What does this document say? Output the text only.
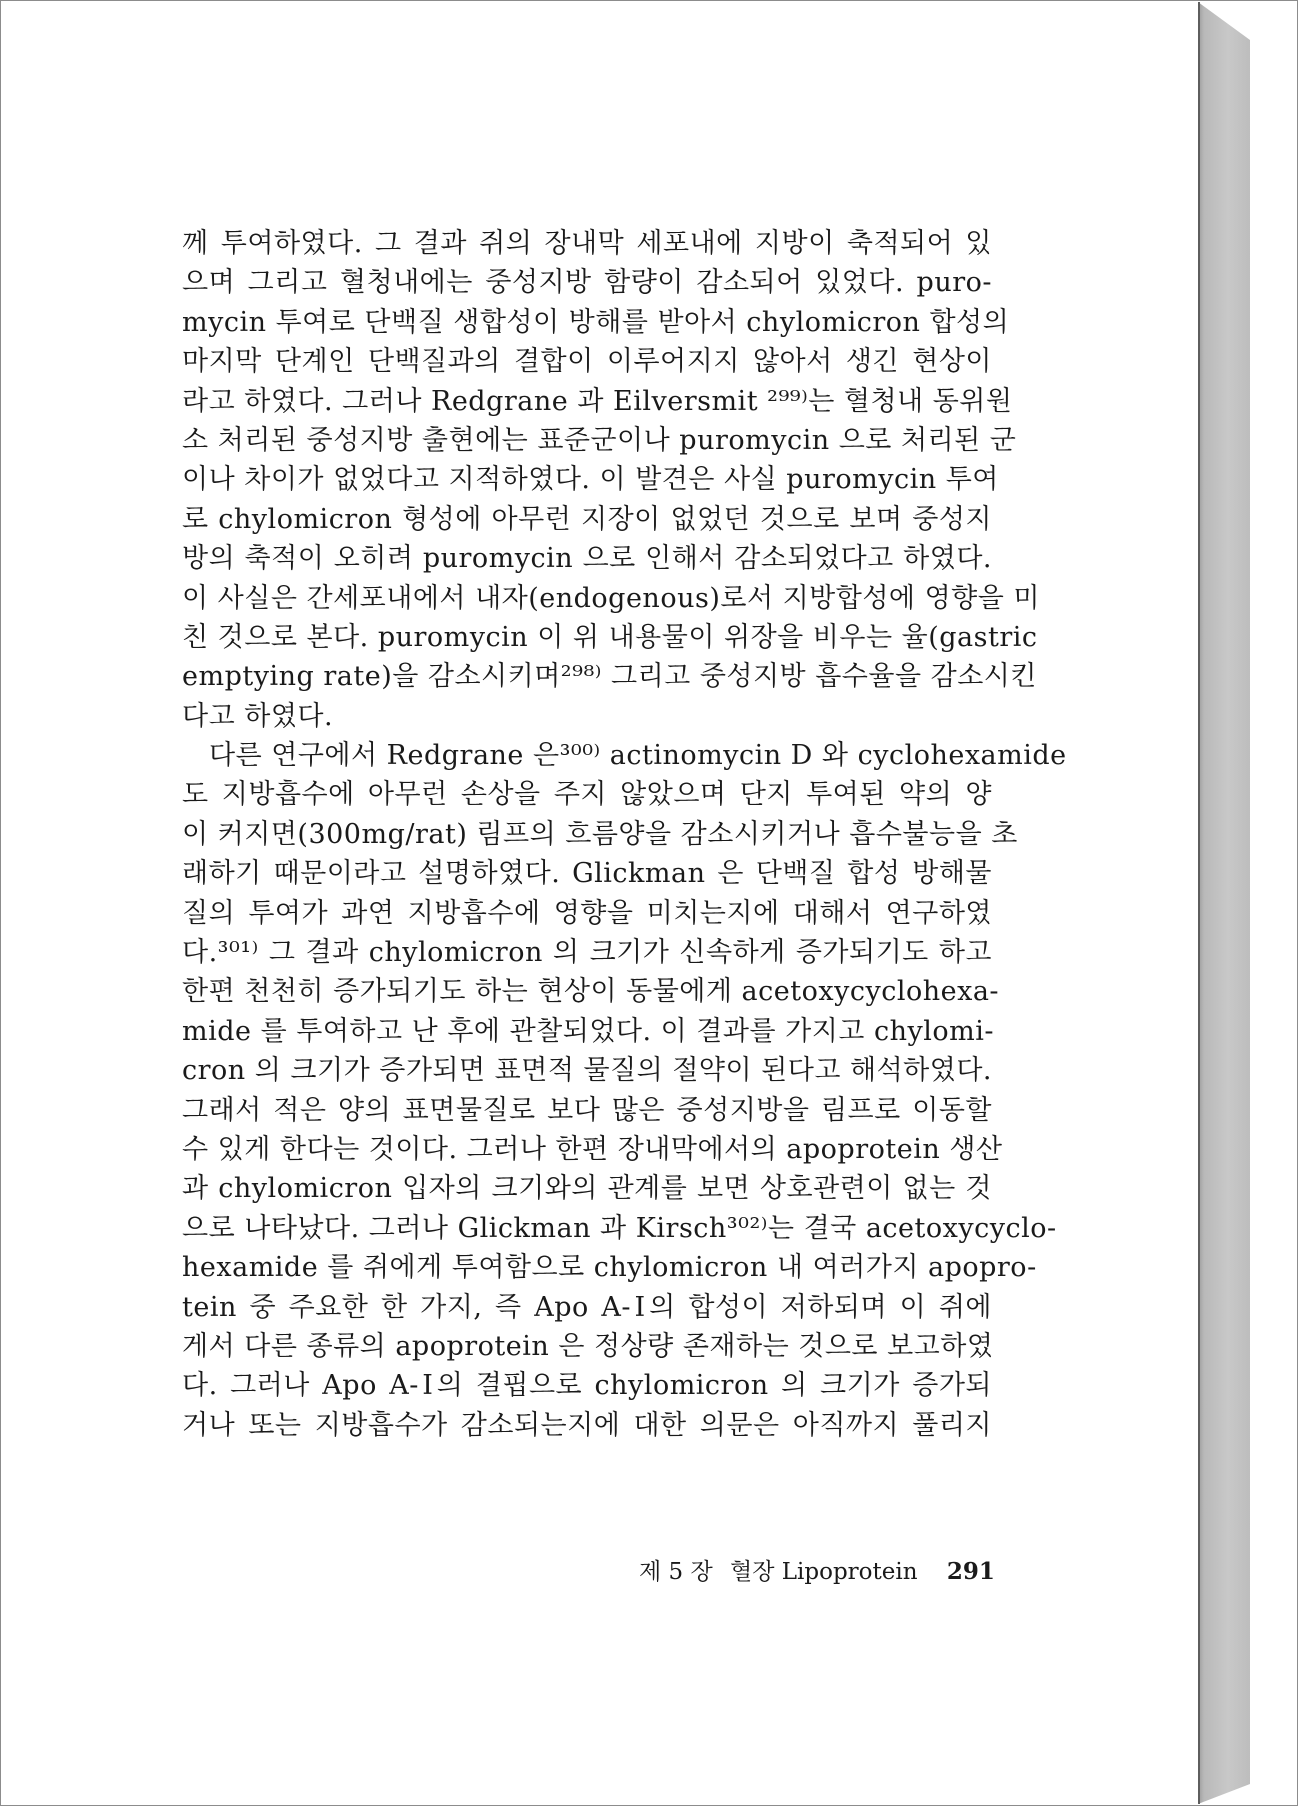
께 투여하였다. 그 결과 쥐의 장내막 세포내에 지방이 축적되어 있
으며 그리고 혈청내에는 중성지방 함량이 감소되어 있었다. puro-
mycin 투여로 단백질 생합성이 방해를 받아서 chylomicron 합성의
마지막 단계인 단백질과의 결합이 이루어지지 않아서 생긴 현상이
라고 하였다. 그러나 Redgrane 과 Eilversmit ²⁹⁹⁾는 혈청내 동위원
소 처리된 중성지방 출현에는 표준군이나 puromycin 으로 처리된 군
이나 차이가 없었다고 지적하였다. 이 발견은 사실 puromycin 투여
로 chylomicron 형성에 아무런 지장이 없었던 것으로 보며 중성지
방의 축적이 오히려 puromycin 으로 인해서 감소되었다고 하였다.
이 사실은 간세포내에서 내자(endogenous)로서 지방합성에 영향을 미
친 것으로 본다. puromycin 이 위 내용물이 위장을 비우는 율(gastric
emptying rate)을 감소시키며²⁹⁸⁾ 그리고 중성지방 흡수율을 감소시킨
다고 하였다.
다른 연구에서 Redgrane 은³⁰⁰⁾ actinomycin D 와 cyclohexamide
도 지방흡수에 아무런 손상을 주지 않았으며 단지 투여된 약의 양
이 커지면(300mg/rat) 림프의 흐름양을 감소시키거나 흡수불능을 초
래하기 때문이라고 설명하였다. Glickman 은 단백질 합성 방해물
질의 투여가 과연 지방흡수에 영향을 미치는지에 대해서 연구하였
다.³⁰¹⁾ 그 결과 chylomicron 의 크기가 신속하게 증가되기도 하고
한편 천천히 증가되기도 하는 현상이 동물에게 acetoxycyclohexa-
mide 를 투여하고 난 후에 관찰되었다. 이 결과를 가지고 chylomi-
cron 의 크기가 증가되면 표면적 물질의 절약이 된다고 해석하였다.
그래서 적은 양의 표면물질로 보다 많은 중성지방을 림프로 이동할
수 있게 한다는 것이다. 그러나 한편 장내막에서의 apoprotein 생산
과 chylomicron 입자의 크기와의 관계를 보면 상호관련이 없는 것
으로 나타났다. 그러나 Glickman 과 Kirsch³⁰²⁾는 결국 acetoxycyclo-
hexamide 를 쥐에게 투여함으로 chylomicron 내 여러가지 apopro-
tein 중 주요한 한 가지, 즉 Apo A-Ⅰ의 합성이 저하되며 이 쥐에
게서 다른 종류의 apoprotein 은 정상량 존재하는 것으로 보고하였
다. 그러나 Apo A-Ⅰ의 결핍으로 chylomicron 의 크기가 증가되
거나 또는 지방흡수가 감소되는지에 대한 의문은 아직까지 풀리지
제 5 장 혈장 Lipoprotein 291
